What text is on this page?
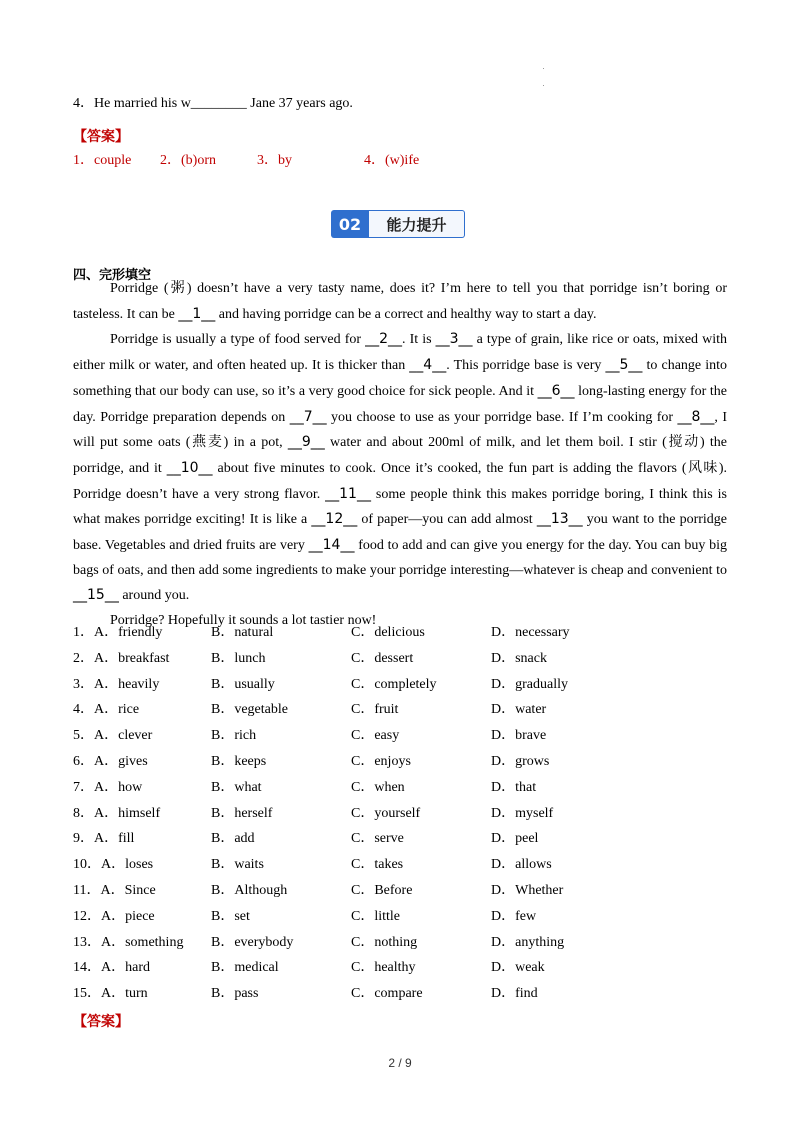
4．He married his w________ Jane 37 years ago.
【答案】
1．couple 2．(b)orn	3．by	4．(w)ife
02	能力提升
四、完形填空

Porridge (粥) doesn’t have a very tasty name, does it? I’m here to tell you that porridge isn’t boring or tasteless. It can be __1__ and having porridge can be a correct and healthy way to start a day.

Porridge is usually a type of food served for __2__. It is __3__ a type of grain, like rice or oats, mixed with either milk or water, and often heated up. It is thicker than __4__. This porridge base is very __5__ to change into something that our body can use, so it’s a very good choice for sick people. And it __6__ long-lasting energy for the day. Porridge preparation depends on __7__ you choose to use as your porridge base. If I’m cooking for __8__, I will put some oats (燕麦) in a pot, __9__ water and about 200ml of milk, and let them boil. I stir (搅动) the porridge, and it __10__ about five minutes to cook. Once it’s cooked, the fun part is adding the flavors (风味). Porridge doesn’t have a very strong flavor. __11__ some people think this makes porridge boring, I think this is what makes porridge exciting! It is like a __12__ of paper—you can add almost __13__ you want to the porridge base. Vegetables and dried fruits are very __14__ food to add and can give you energy for the day. You can buy big bags of oats, and then add some ingredients to make your porridge interesting—whatever is cheap and convenient to __15__ around you.

Porridge? Hopefully it sounds a lot tastier now!

1．A．friendly	B．natural	C．delicious	D．necessary
2．A．breakfast	B．lunch	C．dessert	D．snack
3．A．heavily	B．usually	C．completely	D．gradually
4．A．rice	B．vegetable	C．fruit	D．water
5．A．clever	B．rich	C．easy	D．brave
6．A．gives	B．keeps	C．enjoys	D．grows
7．A．how	B．what	C．when	D．that
8．A．himself	B．herself	C．yourself	D．myself
9．A．fill	B．add	C．serve	D．peel
10．A．loses	B．waits	C．takes	D．allows
11．A．Since	B．Although	C．Before	D．Whether
12．A．piece	B．set	C．little	D．few
13．A．something B．everybody	C．nothing	D．anything
14．A．hard	B．medical	C．healthy	D．weak
15．A．turn	B．pass	C．compare	D．find
【答案】
2 / 9
